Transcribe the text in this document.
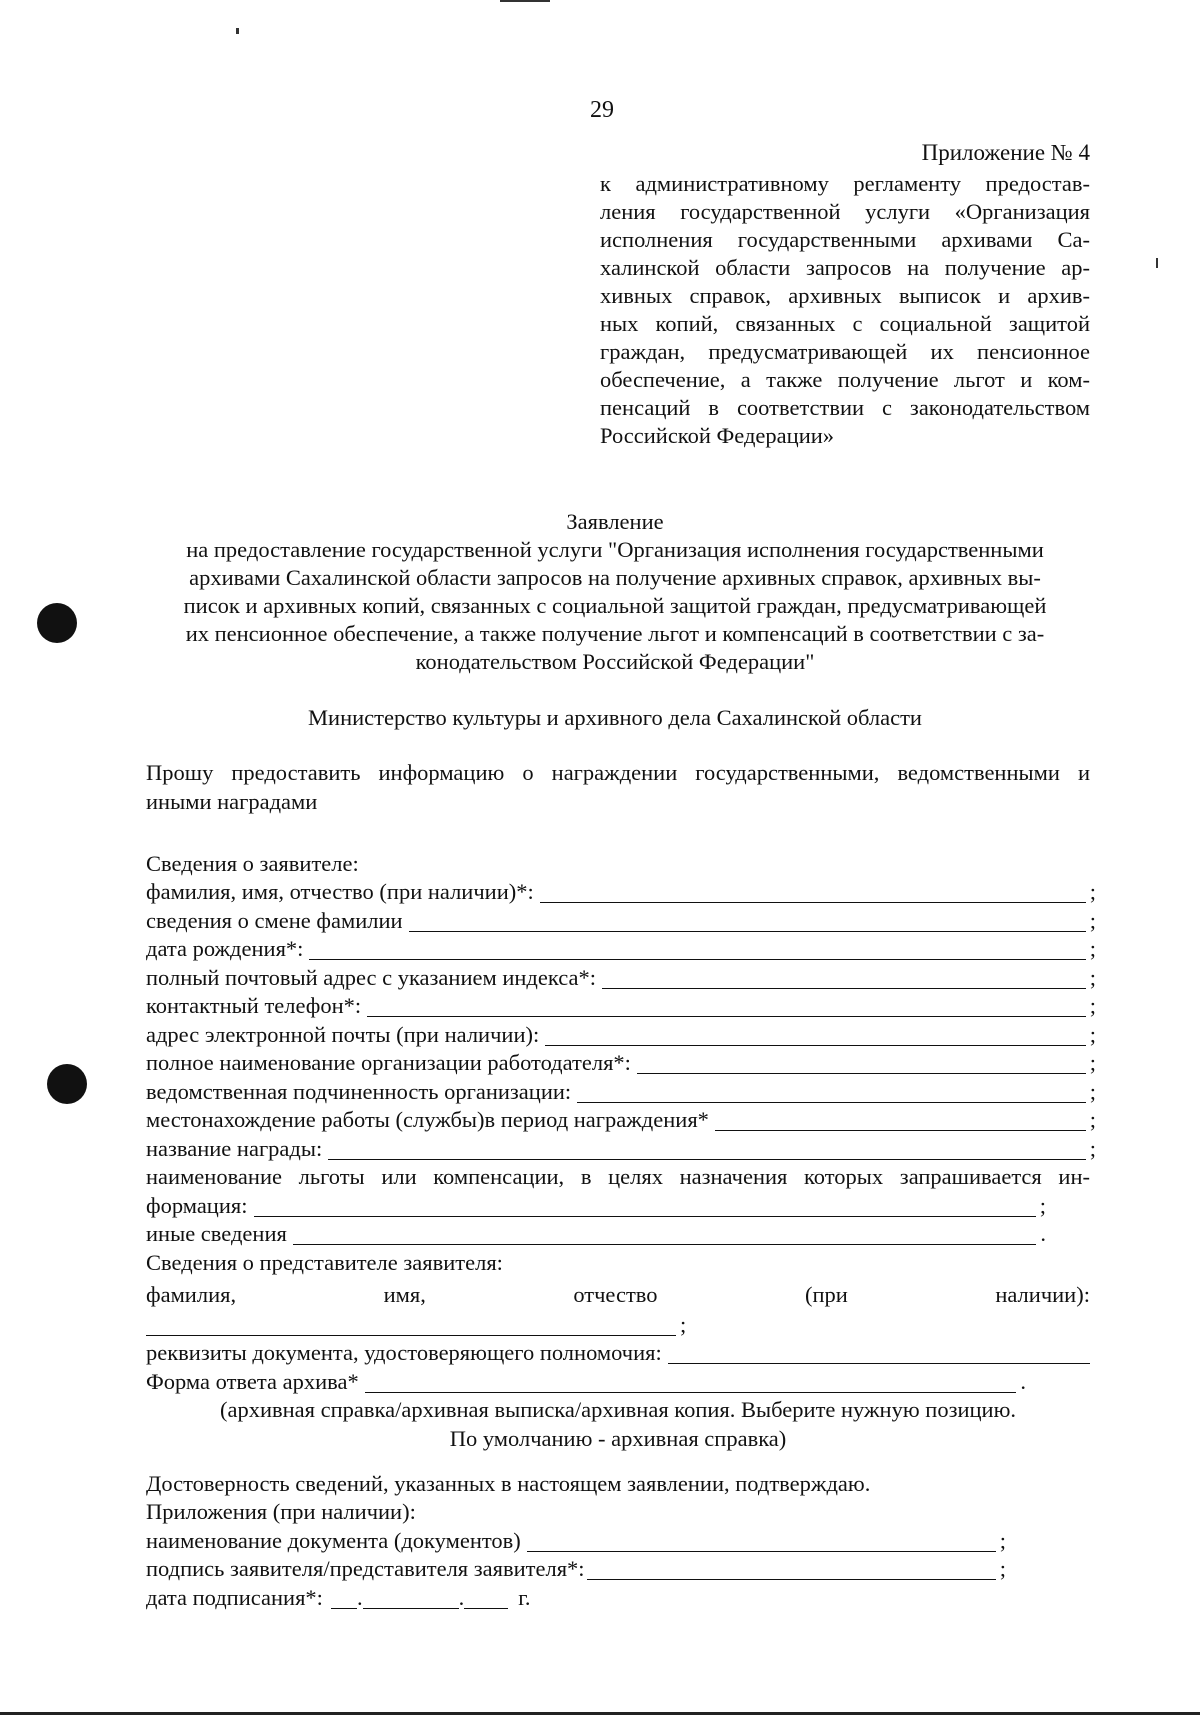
29
Приложение № 4
к административному регламенту предостав-
ления государственной услуги «Организация
исполнения государственными архивами Са-
халинской области запросов на получение ар-
хивных справок, архивных выписок и архив-
ных копий, связанных с социальной защитой
граждан, предусматривающей их пенсионное
обеспечение, а также получение льгот и ком-
пенсаций в соответствии с законодательством
Российской Федерации»
Заявление
на предоставление государственной услуги "Организация исполнения государственными
архивами Сахалинской области запросов на получение архивных справок, архивных вы-
писок и архивных копий, связанных с социальной защитой граждан, предусматривающей
их пенсионное обеспечение, а также получение льгот и компенсаций в соответствии с за-
конодательством Российской Федерации"
Министерство культуры и архивного дела Сахалинской области
Прошу предоставить информацию о награждении государственными, ведомственными и
иными наградами
Сведения о заявителе:
фамилия, имя, отчество (при наличии)*:	;
сведения о смене фамилии	;
дата рождения*:	;
полный почтовый адрес с указанием индекса*:	;
контактный телефон*:	;
адрес электронной почты (при наличии):	;
полное наименование организации работодателя*:	;
ведомственная подчиненность организации:	;
местонахождение работы (службы)в период награждения*	;
название награды:	;
наименование льготы или компенсации, в целях назначения которых запрашивается ин-
формация:	;
иные сведения	.
Сведения о представителе заявителя:
фамилия,	имя,	отчество	(при	наличии):
;
реквизиты документа, удостоверяющего полномочия:
Форма ответа архива*	.
(архивная справка/архивная выписка/архивная копия. Выберите нужную позицию.
По умолчанию - архивная справка)
Достоверность сведений, указанных в настоящем заявлении, подтверждаю.
Приложения (при наличии):
наименование документа (документов)	;
подпись заявителя/представителя заявителя*:	;
дата подписания*: .	. г.
